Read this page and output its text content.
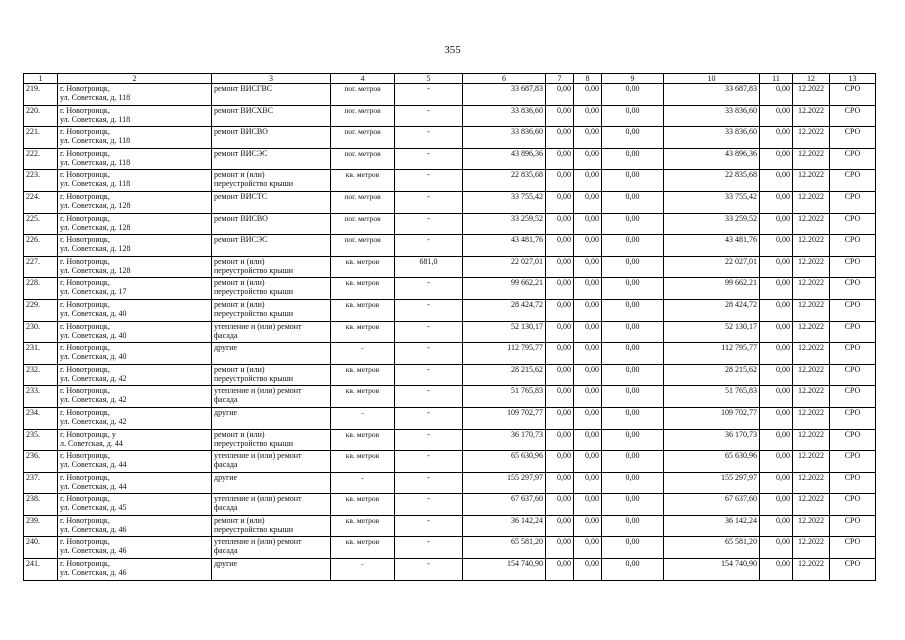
355
1	2	3	4	5	6	7	8	9	10	11	12	13
219.	г. Новотроицк,
ул. Советская, д. 118	ремонт ВИСГВС	пог. метров	-	33 687,83	0,00	0,00	0,00	33 687,83	0,00	12.2022	СРО
220.	г. Новотроицк,
ул. Советская, д. 118	ремонт ВИСХВС	пог. метров	-	33 836,60	0,00	0,00	0,00	33 836,60	0,00	12.2022	СРО
221.	г. Новотроицк,
ул. Советская, д. 118	ремонт ВИСВО	пог. метров	-	33 836,60	0,00	0,00	0,00	33 836,60	0,00	12.2022	СРО
222.	г. Новотроицк,
ул. Советская, д. 118	ремонт ВИСЭС	пог. метров	-	43 896,36	0,00	0,00	0,00	43 896,36	0,00	12.2022	СРО
223.	г. Новотроицк,
ул. Советская, д. 118	ремонт и (или)
переустройство крыши	кв. метров	-	22 835,68	0,00	0,00	0,00	22 835,68	0,00	12.2022	СРО
224.	г. Новотроицк,
ул. Советская, д. 128	ремонт ВИСТС	пог. метров	-	33 755,42	0,00	0,00	0,00	33 755,42	0,00	12.2022	СРО
225.	г. Новотроицк,
ул. Советская, д. 128	ремонт ВИСВО	пог. метров	-	33 259,52	0,00	0,00	0,00	33 259,52	0,00	12.2022	СРО
226.	г. Новотроицк,
ул. Советская, д. 128	ремонт ВИСЭС	пог. метров	-	43 481,76	0,00	0,00	0,00	43 481,76	0,00	12.2022	СРО
227.	г. Новотроицк,
ул. Советская, д. 128	ремонт и (или)
переустройство крыши	кв. метров	681,0	22 027,01	0,00	0,00	0,00	22 027,01	0,00	12.2022	СРО
228.	г. Новотроицк,
ул. Советская, д. 17	ремонт и (или)
переустройство крыши	кв. метров	-	99 662,21	0,00	0,00	0,00	99 662,21	0,00	12.2022	СРО
229.	г. Новотроицк,
ул. Советская, д. 40	ремонт и (или)
переустройство крыши	кв. метров	-	28 424,72	0,00	0,00	0,00	28 424,72	0,00	12.2022	СРО
230.	г. Новотроицк,
ул. Советская, д. 40	утепление и (или) ремонт
фасада	кв. метров	-	52 130,17	0,00	0,00	0,00	52 130,17	0,00	12.2022	СРО
231.	г. Новотроицк,
ул. Советская, д. 40	другие	-	-	112 795,77	0,00	0,00	0,00	112 795,77	0,00	12.2022	СРО
232.	г. Новотроицк,
ул. Советская, д. 42	ремонт и (или)
переустройство крыши	кв. метров	-	28 215,62	0,00	0,00	0,00	28 215,62	0,00	12.2022	СРО
233.	г. Новотроицк,
ул. Советская, д. 42	утепление и (или) ремонт
фасада	кв. метров	-	51 765,83	0,00	0,00	0,00	51 765,83	0,00	12.2022	СРО
234.	г. Новотроицк,
ул. Советская, д. 42	другие	-	-	109 702,77	0,00	0,00	0,00	109 702,77	0,00	12.2022	СРО
235.	г. Новотроицк, у
л. Советская, д. 44	ремонт и (или)
переустройство крыши	кв. метров	-	36 170,73	0,00	0,00	0,00	36 170,73	0,00	12.2022	СРО
236.	г. Новотроицк,
ул. Советская, д. 44	утепление и (или) ремонт
фасада	кв. метров	-	65 630,96	0,00	0,00	0,00	65 630,96	0,00	12.2022	СРО
237.	г. Новотроицк,
ул. Советская, д. 44	другие	-	-	155 297,97	0,00	0,00	0,00	155 297,97	0,00	12.2022	СРО
238.	г. Новотроицк,
ул. Советская, д. 45	утепление и (или) ремонт
фасада	кв. метров	-	67 637,60	0,00	0,00	0,00	67 637,60	0,00	12.2022	СРО
239.	г. Новотроицк,
ул. Советская, д. 46	ремонт и (или)
переустройство крыши	кв. метров	-	36 142,24	0,00	0,00	0,00	36 142,24	0,00	12.2022	СРО
240.	г. Новотроицк,
ул. Советская, д. 46	утепление и (или) ремонт
фасада	кв. метров	-	65 581,20	0,00	0,00	0,00	65 581,20	0,00	12.2022	СРО
241.	г. Новотроицк,
ул. Советская, д. 46	другие	-	-	154 740,90	0,00	0,00	0,00	154 740,90	0,00	12.2022	СРО
